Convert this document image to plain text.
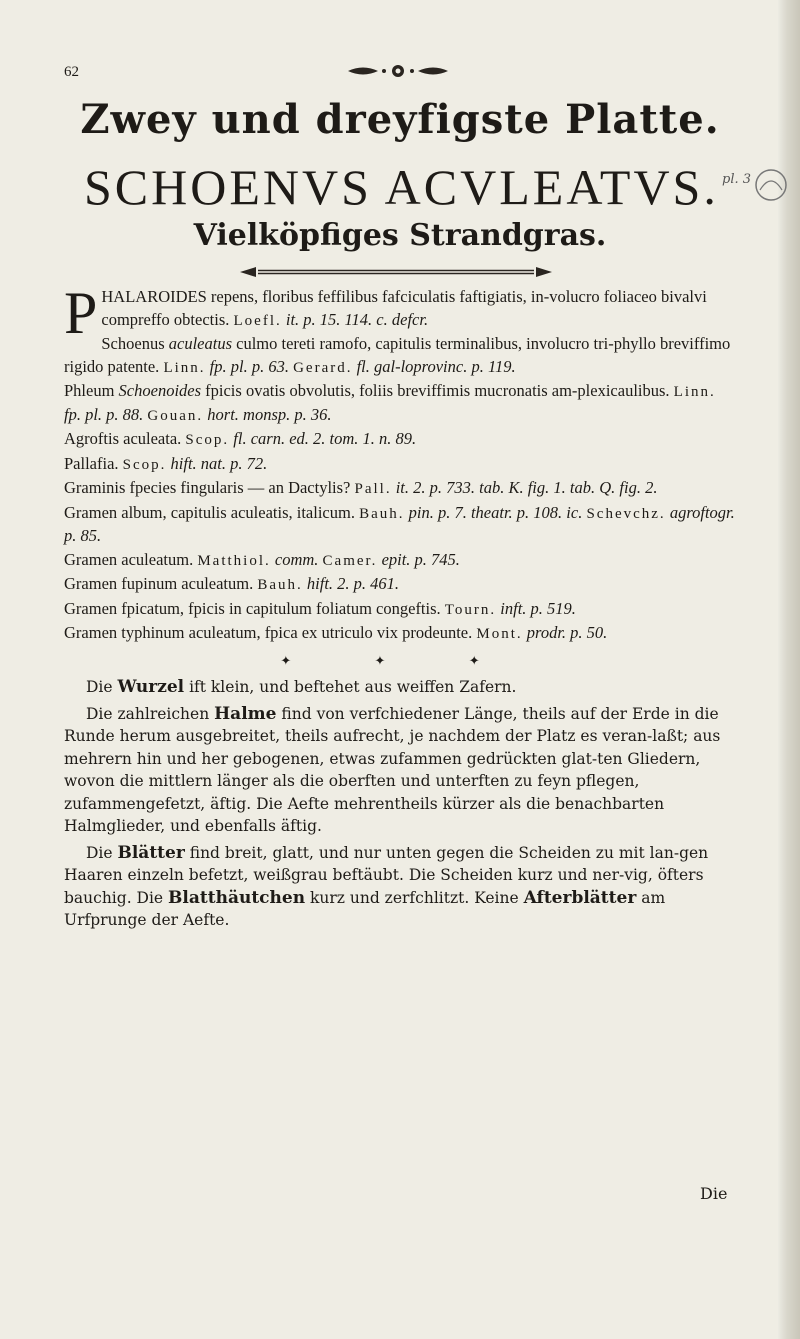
62
Zwey und dreyfigste Platte.
SCHOENVS ACVLEATVS. pl. 3
Vielköpfiges Strandgras.
PHALAROIDES repens, floribus feffilibus fafciculatis faftigiatis, in-volucro foliaceo bivalvi compreffo obtectis. Loefl. it. p. 15. 114. c. defcr.
Schoenus aculeatus culmo tereti ramofo, capitulis terminalibus, involucro tri-phyllo breviffimo rigido patente. Linn. fp. pl. p. 63. Gerard. fl. gal-loprovinc. p. 119.
Phleum Schoenoides fpicis ovatis obvolutis, foliis breviffimis mucronatis am-plexicaulibus. Linn. fp. pl. p. 88. Gouan. hort. monsp. p. 36.
Agroftis aculeata. Scop. fl. carn. ed. 2. tom. 1. n. 89.
Pallafia. Scop. hift. nat. p. 72.
Graminis fpecies fingularis — an Dactylis? Pall. it. 2. p. 733. tab. K. fig. 1. tab. Q. fig. 2.
Gramen album, capitulis aculeatis, italicum. Bauh. pin. p. 7. theatr. p. 108. ic. Schevchz. agroftogr. p. 85.
Gramen aculeatum. Matthiol. comm. Camer. epit. p. 745.
Gramen fupinum aculeatum. Bauh. hift. 2. p. 461.
Gramen fpicatum, fpicis in capitulum foliatum congeftis. Tourn. inft. p. 519.
Gramen typhinum aculeatum, fpica ex utriculo vix prodeunte. Mont. prodr. p. 50.
✦ ✦ ✦
Die Wurzel ift klein, und beftehet aus weiffen Zafern.
Die zahlreichen Halme find von verfchiedener Länge, theils auf der Erde in die Runde herum ausgebreitet, theils aufrecht, je nachdem der Platz es veran-laßt; aus mehrern hin und her gebogenen, etwas zufammen gedrückten glat-ten Gliedern, wovon die mittlern länger als die oberften und unterften zu feyn pflegen, zufammengefetzt, äftig. Die Aefte mehrentheils kürzer als die benachbarten Halmglieder, und ebenfalls äftig.
Die Blätter find breit, glatt, und nur unten gegen die Scheiden zu mit lan-gen Haaren einzeln befetzt, weißgrau beftäubt. Die Scheiden kurz und ner-vig, öfters bauchig. Die Blatthäutchen kurz und zerfchlitzt. Keine Afterblätter am Urfprunge der Aefte.
Die
